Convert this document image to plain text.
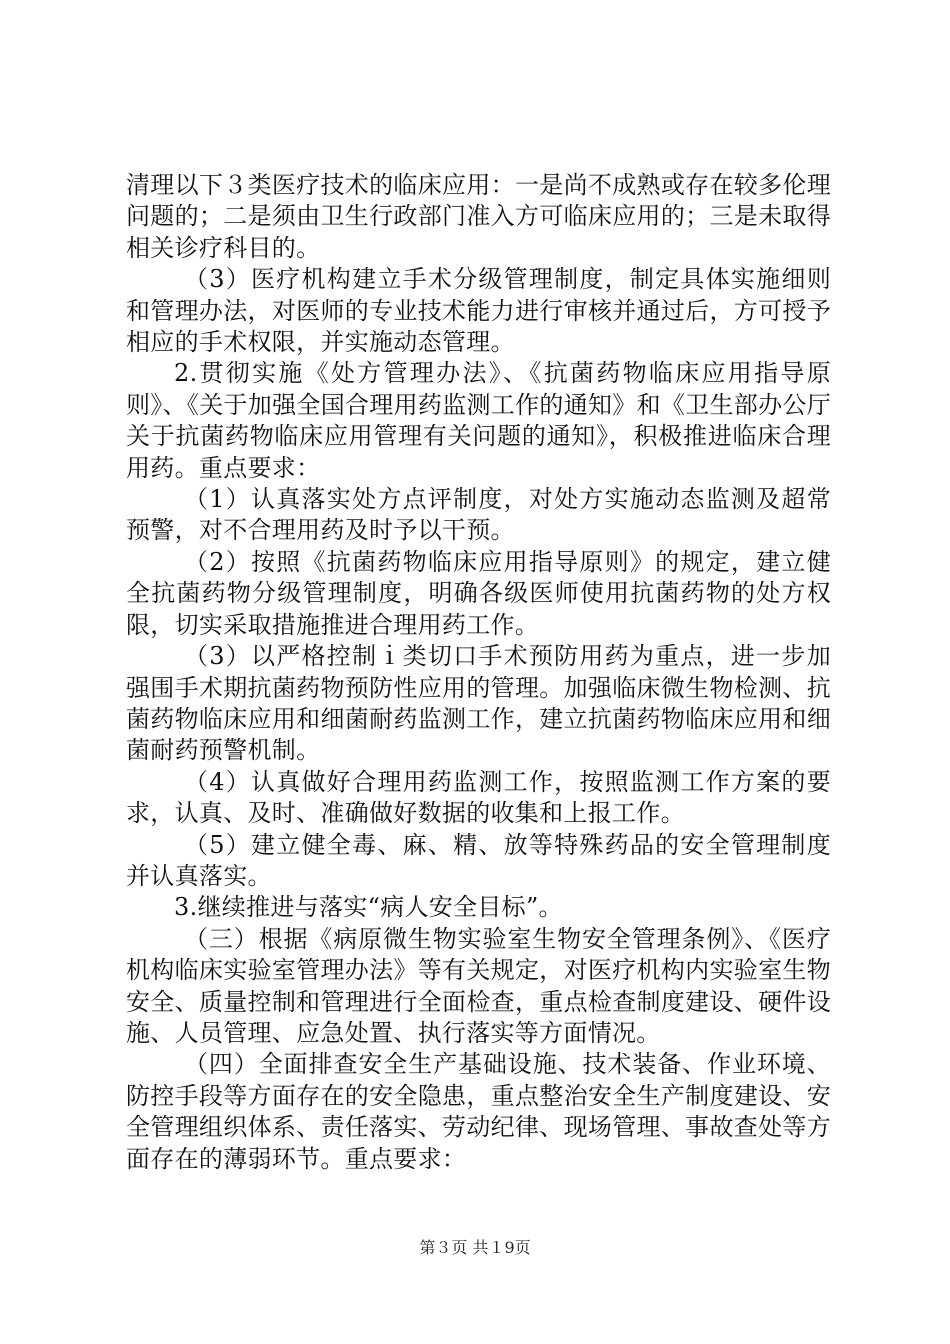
清理以下３类医疗技术的临床应用：一是尚不成熟或存在较多伦理问题的；二是须由卫生行政部门准入方可临床应用的；三是未取得相关诊疗科目的。

（3）医疗机构建立手术分级管理制度，制定具体实施细则和管理办法，对医师的专业技术能力进行审核并通过后，方可授予相应的手术权限，并实施动态管理。

2.贯彻实施《处方管理办法》、《抗菌药物临床应用指导原则》、《关于加强全国合理用药监测工作的通知》和《卫生部办公厅关于抗菌药物临床应用管理有关问题的通知》，积极推进临床合理用药。重点要求：

（1）认真落实处方点评制度，对处方实施动态监测及超常预警，对不合理用药及时予以干预。

（2）按照《抗菌药物临床应用指导原则》的规定，建立健全抗菌药物分级管理制度，明确各级医师使用抗菌药物的处方权限，切实采取措施推进合理用药工作。

（3）以严格控制ｉ类切口手术预防用药为重点，进一步加强围手术期抗菌药物预防性应用的管理。加强临床微生物检测、抗菌药物临床应用和细菌耐药监测工作，建立抗菌药物临床应用和细菌耐药预警机制。

（4）认真做好合理用药监测工作，按照监测工作方案的要求，认真、及时、准确做好数据的收集和上报工作。

（5）建立健全毒、麻、精、放等特殊药品的安全管理制度并认真落实。

3.继续推进与落实“病人安全目标”。

（三）根据《病原微生物实验室生物安全管理条例》、《医疗机构临床实验室管理办法》等有关规定，对医疗机构内实验室生物安全、质量控制和管理进行全面检查，重点检查制度建设、硬件设施、人员管理、应急处置、执行落实等方面情况。

（四）全面排查安全生产基础设施、技术装备、作业环境、防控手段等方面存在的安全隐患，重点整治安全生产制度建设、安全管理组织体系、责任落实、劳动纪律、现场管理、事故查处等方面存在的薄弱环节。重点要求：

第３页 共１9页
